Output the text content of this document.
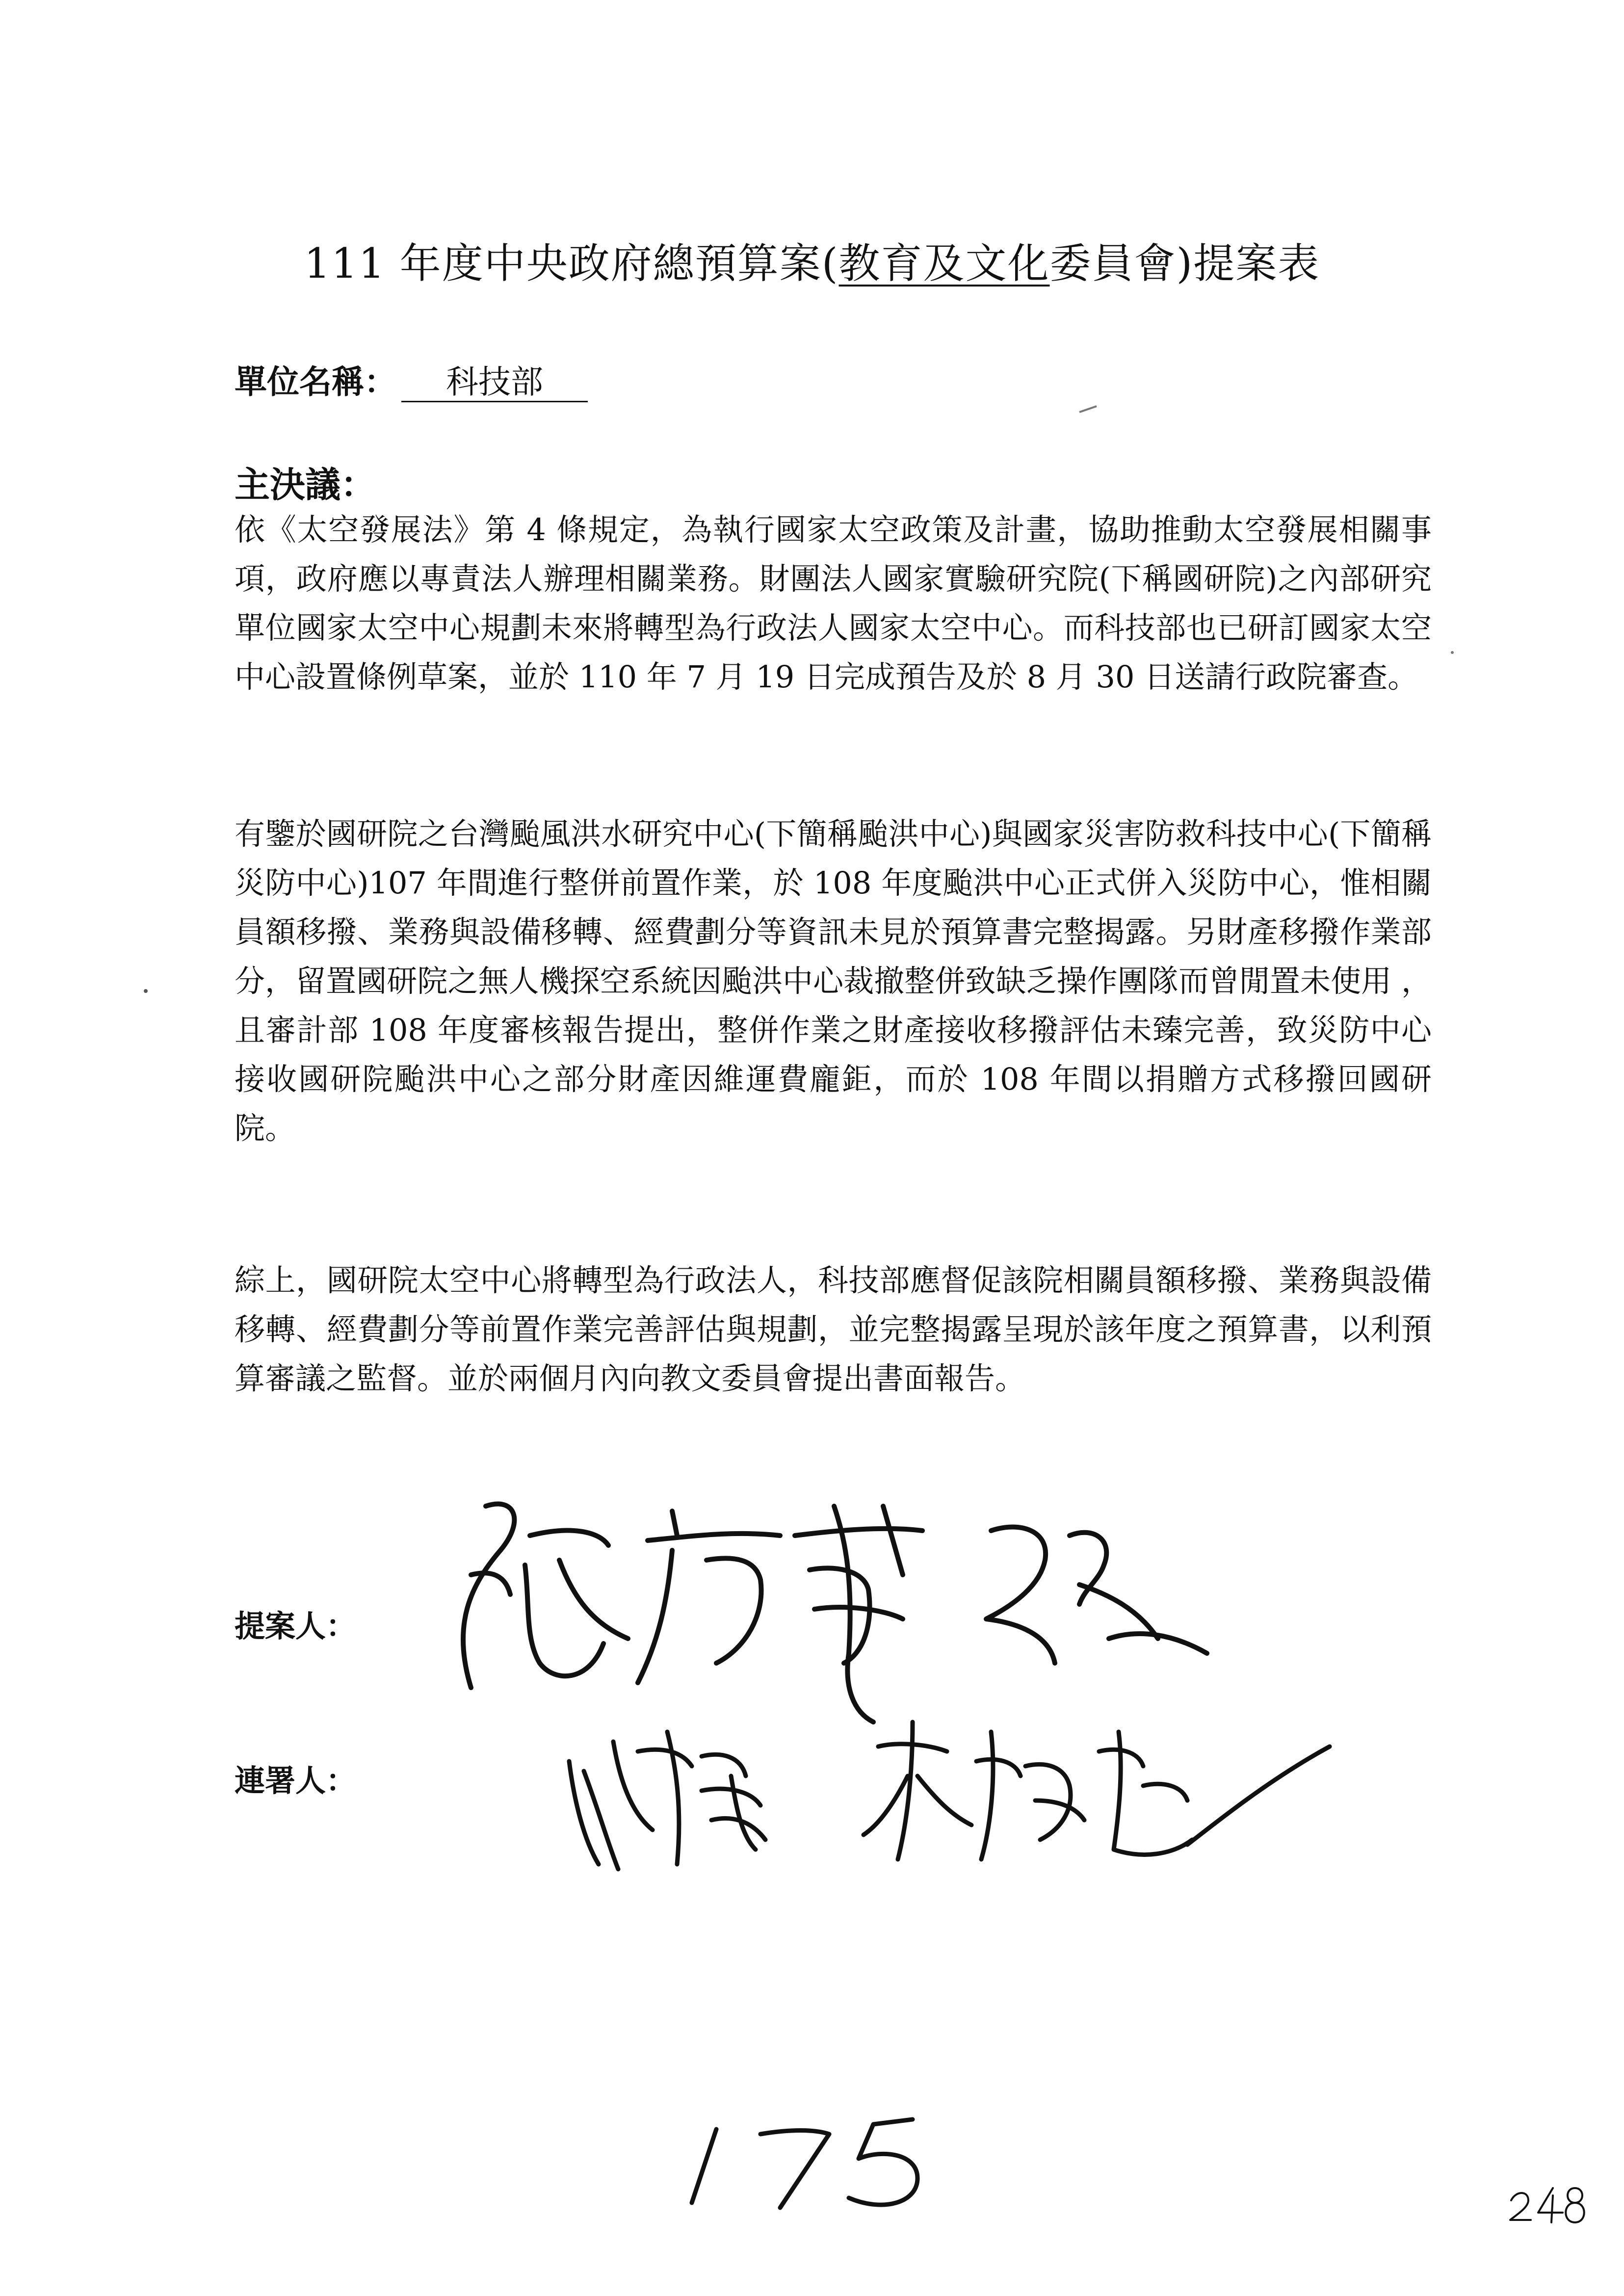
111 年度中央政府總預算案(教育及文化委員會)提案表
單位名稱： 科技部
主決議：
依《太空發展法》第 4 條規定，為執行國家太空政策及計畫，協助推動太空發展相關事項，政府應以專責法人辦理相關業務。財團法人國家實驗研究院(下稱國研院)之內部研究單位國家太空中心規劃未來將轉型為行政法人國家太空中心。而科技部也已研訂國家太空中心設置條例草案，並於 110 年 7 月 19 日完成預告及於 8 月 30 日送請行政院審查。
有鑒於國研院之台灣颱風洪水研究中心(下簡稱颱洪中心)與國家災害防救科技中心(下簡稱災防中心)107 年間進行整併前置作業，於 108 年度颱洪中心正式併入災防中心，惟相關員額移撥、業務與設備移轉、經費劃分等資訊未見於預算書完整揭露。另財產移撥作業部分，留置國研院之無人機探空系統因颱洪中心裁撤整併致缺乏操作團隊而曾閒置未使用 ，且審計部 108 年度審核報告提出，整併作業之財產接收移撥評估未臻完善，致災防中心接收國研院颱洪中心之部分財產因維運費龐鉅，而於 108 年間以捐贈方式移撥回國研院。
綜上，國研院太空中心將轉型為行政法人，科技部應督促該院相關員額移撥、業務與設備移轉、經費劃分等前置作業完善評估與規劃，並完整揭露呈現於該年度之預算書，以利預算審議之監督。並於兩個月內向教文委員會提出書面報告。
提案人：
連署人：
